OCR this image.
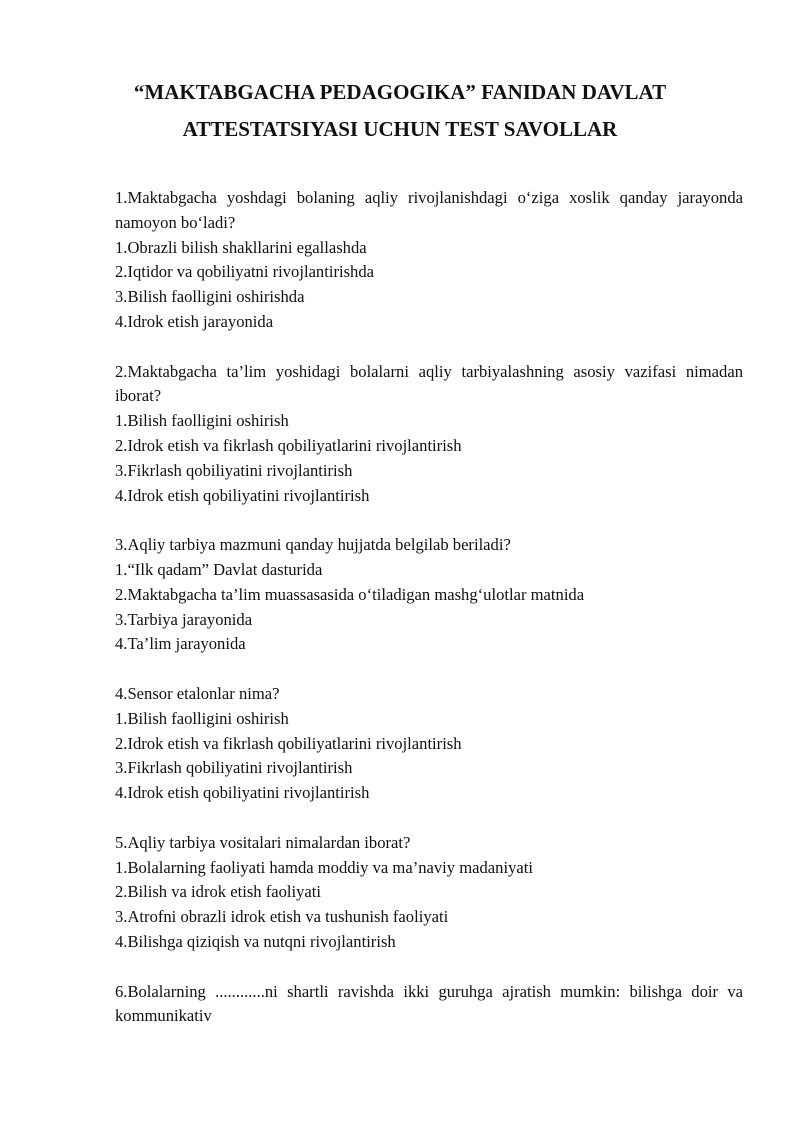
“MAKTABGACHA PEDAGOGIKA” FANIDAN DAVLAT
ATTESTATSIYASI UCHUN TEST SAVOLLAR

1.Maktabgacha yoshdagi bolaning aqliy rivojlanishdagi o‘ziga xoslik qanday jarayonda namoyon bo‘ladi?

1.Obrazli bilish shakllarini egallashda

2.Iqtidor va qobiliyatni rivojlantirishda

3.Bilish faolligini oshirishda

4.Idrok etish jarayonida

2.Maktabgacha ta’lim yoshidagi bolalarni aqliy tarbiyalashning asosiy vazifasi nimadan iborat?

1.Bilish faolligini oshirish

2.Idrok etish va fikrlash qobiliyatlarini rivojlantirish

3.Fikrlash qobiliyatini rivojlantirish

4.Idrok etish qobiliyatini rivojlantirish

3.Aqliy tarbiya mazmuni qanday hujjatda belgilab beriladi?

1.“Ilk qadam” Davlat dasturida

2.Maktabgacha ta’lim muassasasida o‘tiladigan mashg‘ulotlar matnida

3.Tarbiya jarayonida

4.Ta’lim jarayonida

4.Sensor etalonlar nima?

1.Bilish faolligini oshirish

2.Idrok etish va fikrlash qobiliyatlarini rivojlantirish

3.Fikrlash qobiliyatini rivojlantirish

4.Idrok etish qobiliyatini rivojlantirish

5.Aqliy tarbiya vositalari nimalardan iborat?

1.Bolalarning faoliyati hamda moddiy va ma’naviy madaniyati

2.Bilish va idrok etish faoliyati

3.Atrofni obrazli idrok etish va tushunish faoliyati

4.Bilishga qiziqish va nutqni rivojlantirish

6.Bolalarning ............ni shartli ravishda ikki guruhga ajratish mumkin: bilishga doir va kommunikativ
